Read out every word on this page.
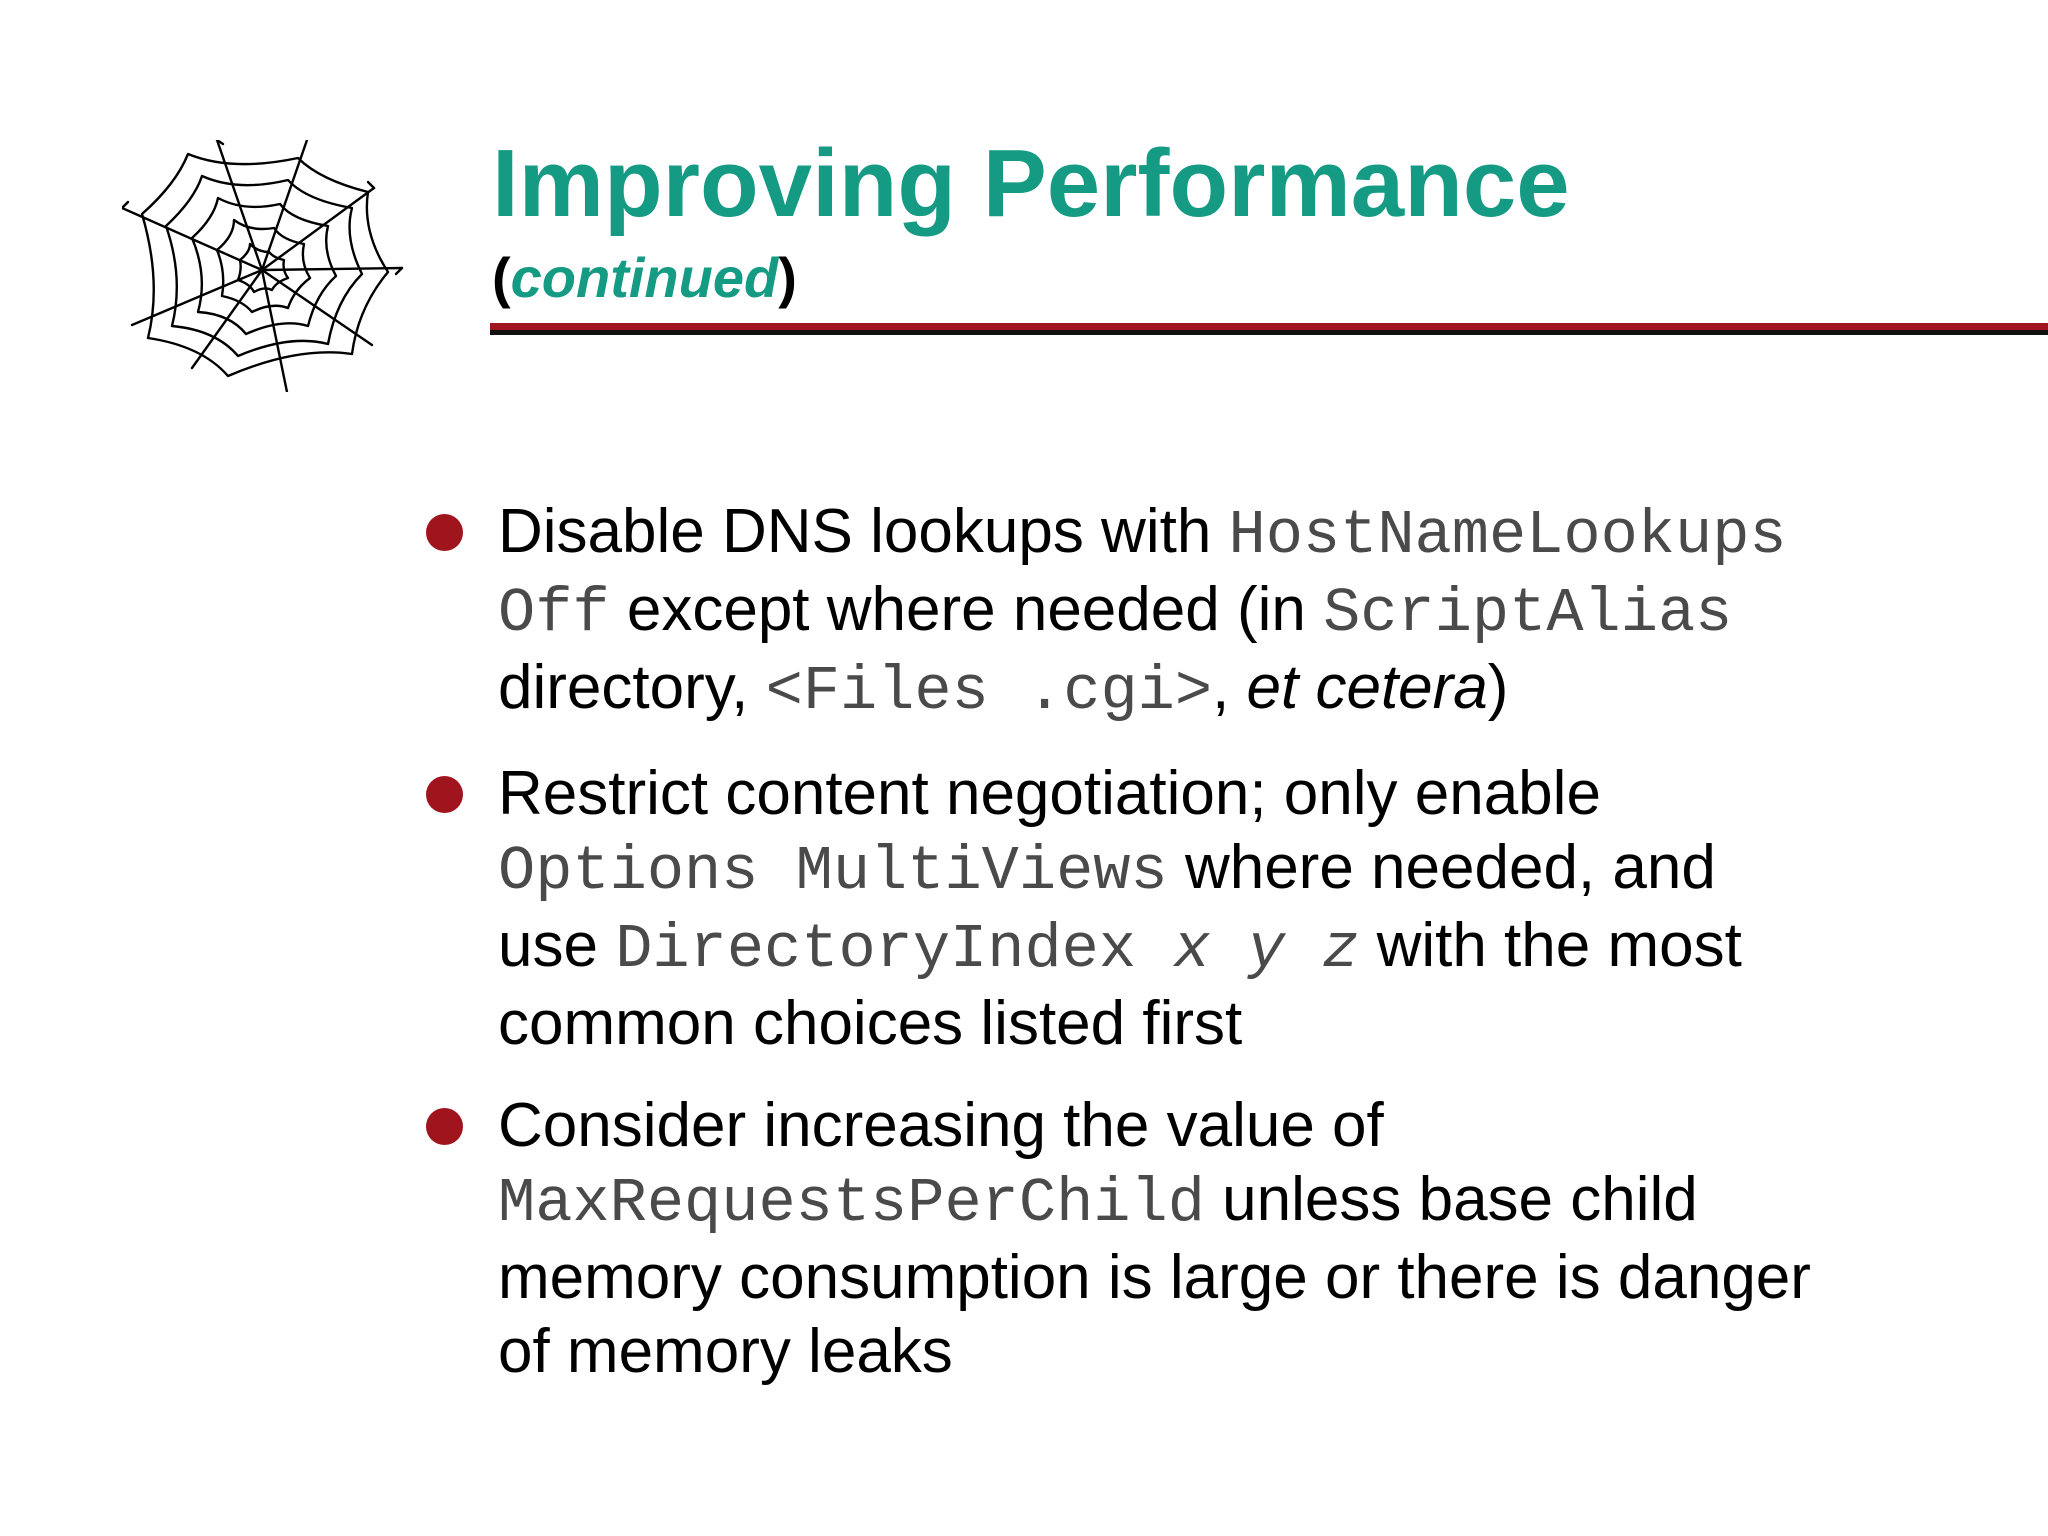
Improving Performance
(continued)
Disable DNS lookups with HostNameLookups Off except where needed (in ScriptAlias directory, <Files .cgi>, et cetera)
Restrict content negotiation; only enable Options MultiViews where needed, and use DirectoryIndex x y z with the most common choices listed first
Consider increasing the value of MaxRequestsPerChild unless base child memory consumption is large or there is danger of memory leaks
